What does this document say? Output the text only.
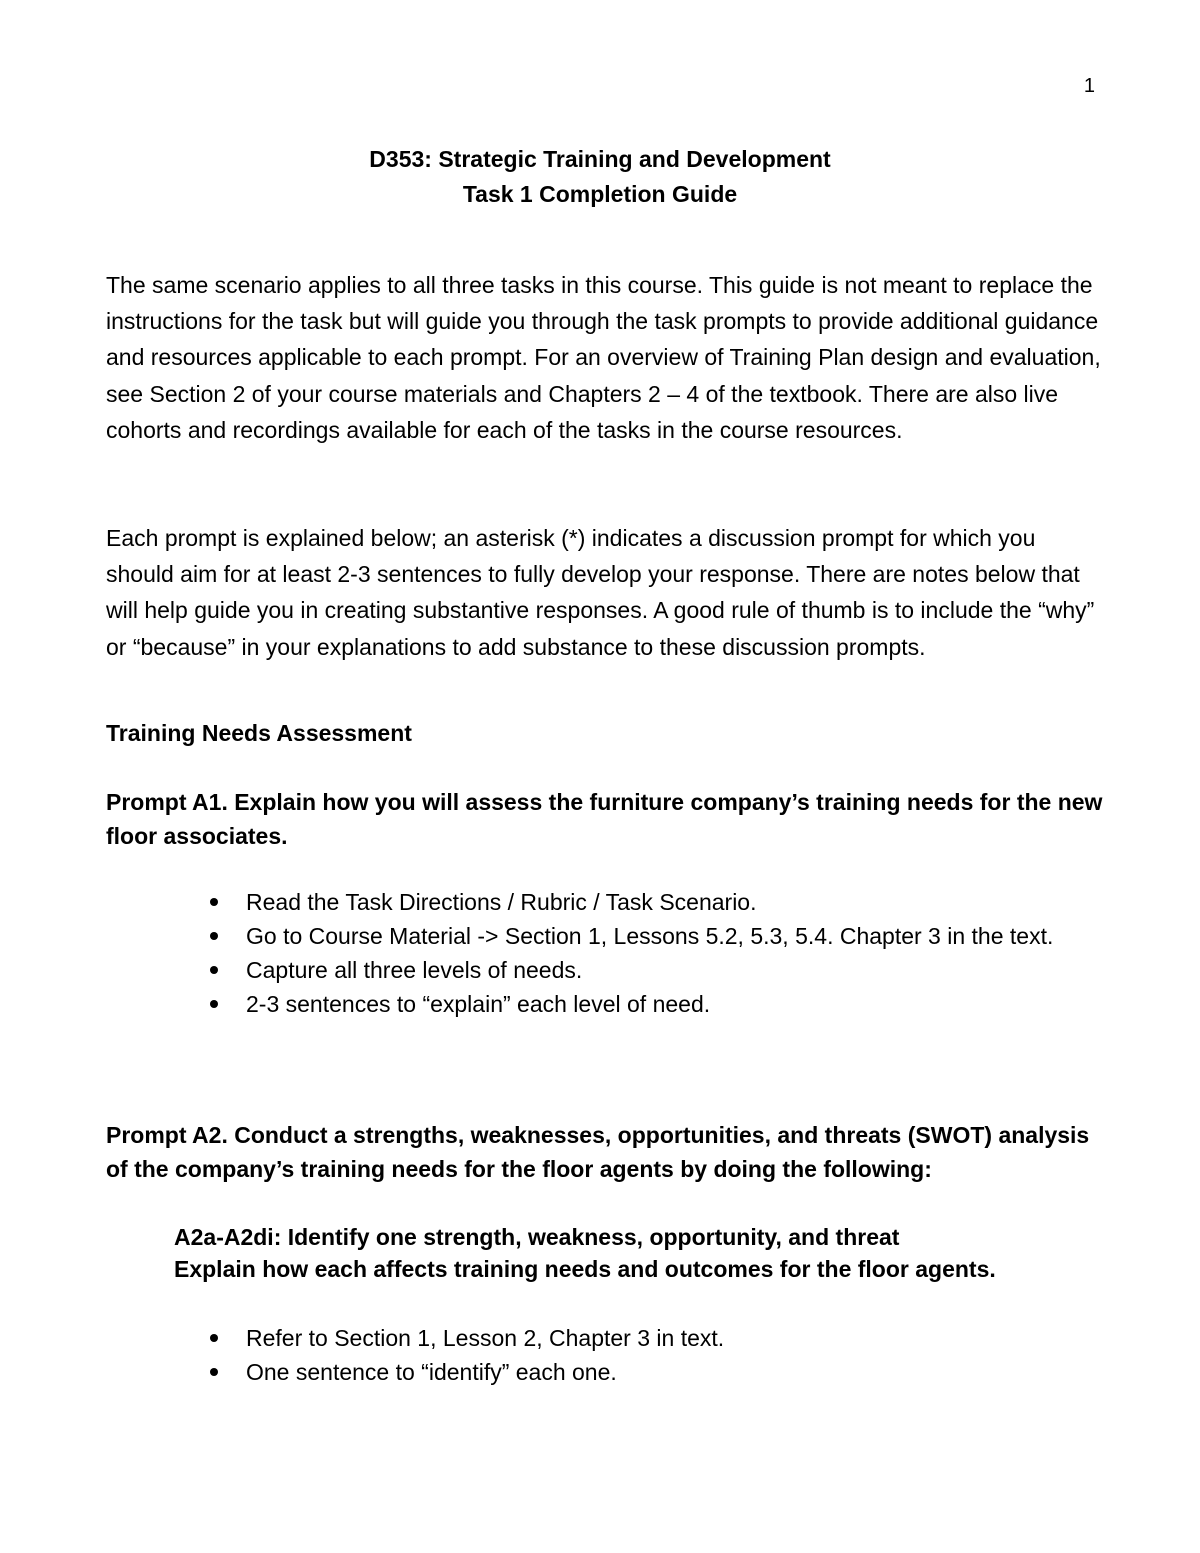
1
D353: Strategic Training and Development
Task 1 Completion Guide
The same scenario applies to all three tasks in this course. This guide is not meant to replace the instructions for the task but will guide you through the task prompts to provide additional guidance and resources applicable to each prompt. For an overview of Training Plan design and evaluation, see Section 2 of your course materials and Chapters 2 – 4 of the textbook. There are also live cohorts and recordings available for each of the tasks in the course resources.
Each prompt is explained below; an asterisk (*) indicates a discussion prompt for which you should aim for at least 2-3 sentences to fully develop your response. There are notes below that will help guide you in creating substantive responses. A good rule of thumb is to include the “why” or “because” in your explanations to add substance to these discussion prompts.
Training Needs Assessment
Prompt A1. Explain how you will assess the furniture company’s training needs for the new floor associates.
Read the Task Directions / Rubric / Task Scenario.
Go to Course Material -> Section 1, Lessons 5.2, 5.3, 5.4. Chapter 3 in the text.
Capture all three levels of needs.
2-3 sentences to “explain” each level of need.
Prompt A2. Conduct a strengths, weaknesses, opportunities, and threats (SWOT) analysis of the company’s training needs for the floor agents by doing the following:
A2a-A2di: Identify one strength, weakness, opportunity, and threat
Explain how each affects training needs and outcomes for the floor agents.
Refer to Section 1, Lesson 2, Chapter 3 in text.
One sentence to “identify” each one.
